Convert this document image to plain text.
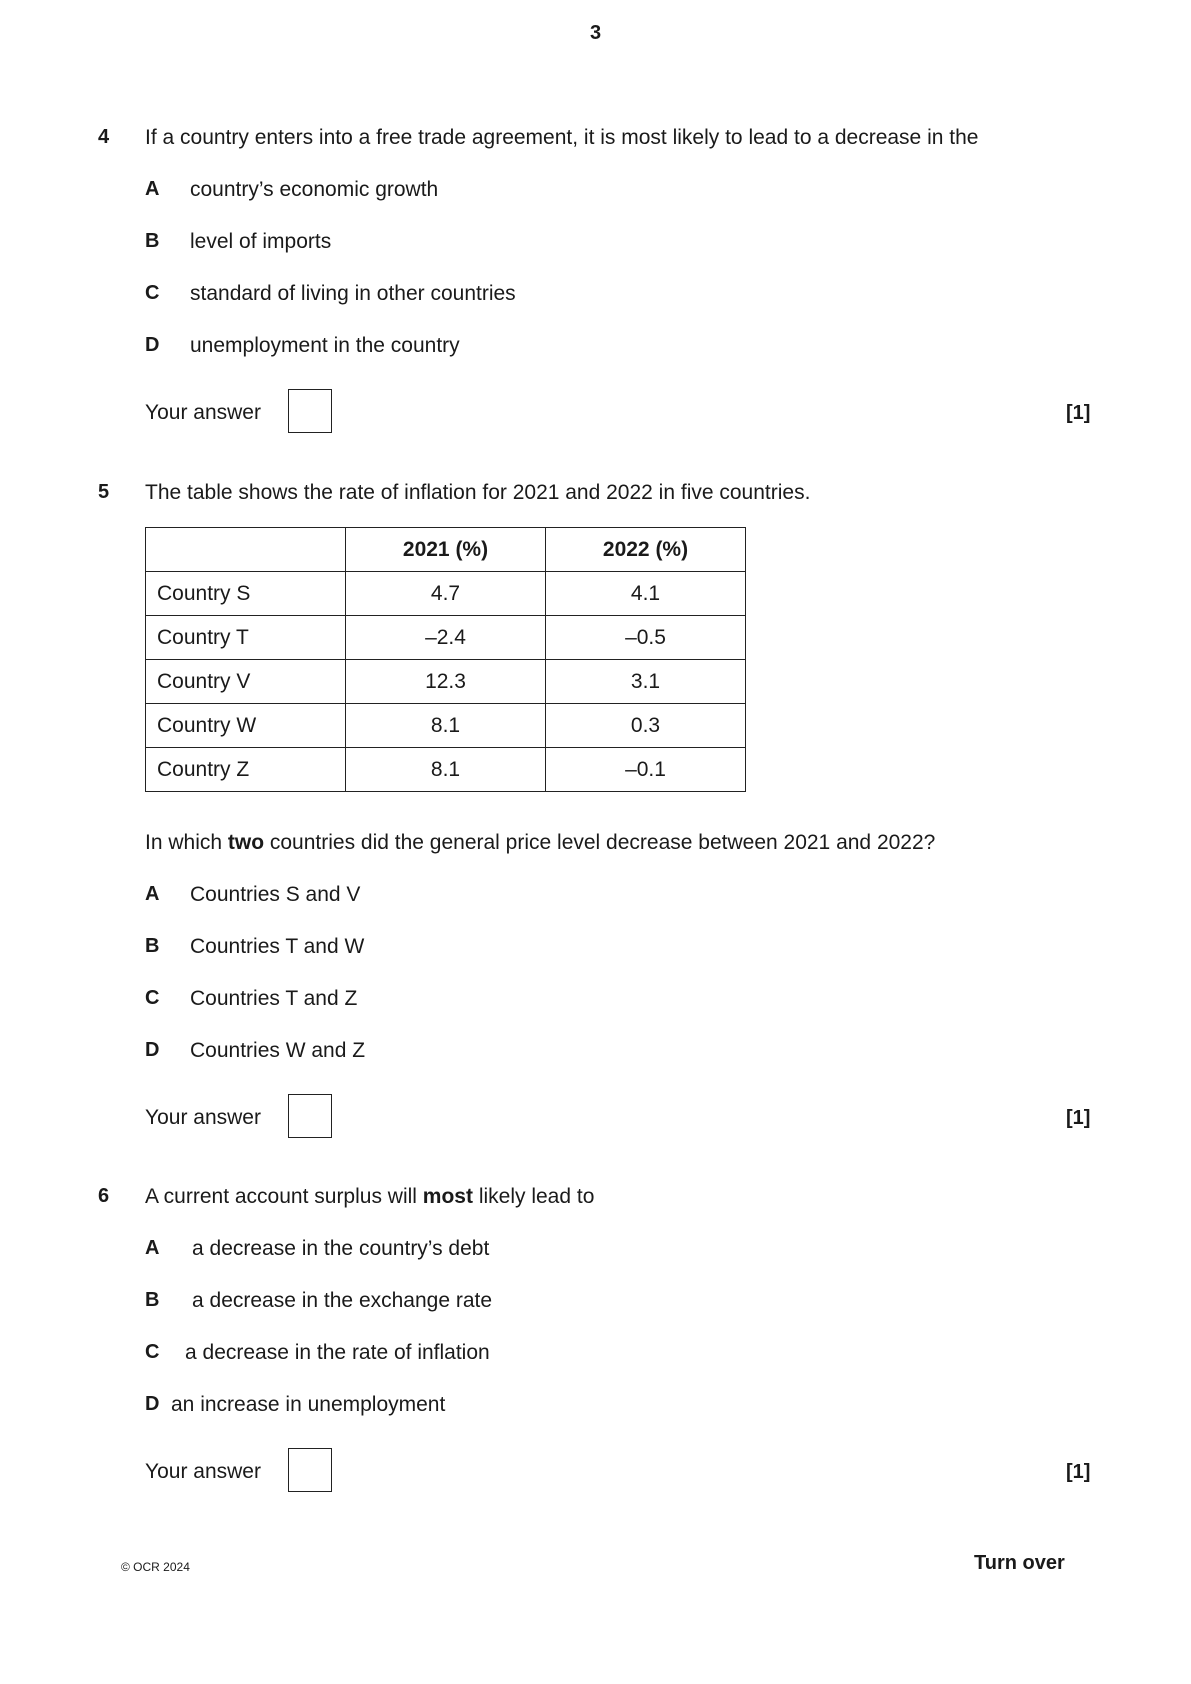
3
4 If a country enters into a free trade agreement, it is most likely to lead to a decrease in the
A country’s economic growth
B level of imports
C standard of living in other countries
D unemployment in the country
Your answer	[1]
5 The table shows the rate of inflation for 2021 and 2022 in five countries.
	2021 (%)	2022 (%)
Country S	4.7	4.1
Country T	–2.4	–0.5
Country V	12.3	3.1
Country W	8.1	0.3
Country Z	8.1	–0.1
In which two countries did the general price level decrease between 2021 and 2022?
A Countries S and V
B Countries T and W
C Countries T and Z
D Countries W and Z
Your answer	[1]
6 A current account surplus will most likely lead to
A a decrease in the country’s debt
B a decrease in the exchange rate
C a decrease in the rate of inflation
D an increase in unemployment
Your answer	[1]
© OCR 2024	Turn over
